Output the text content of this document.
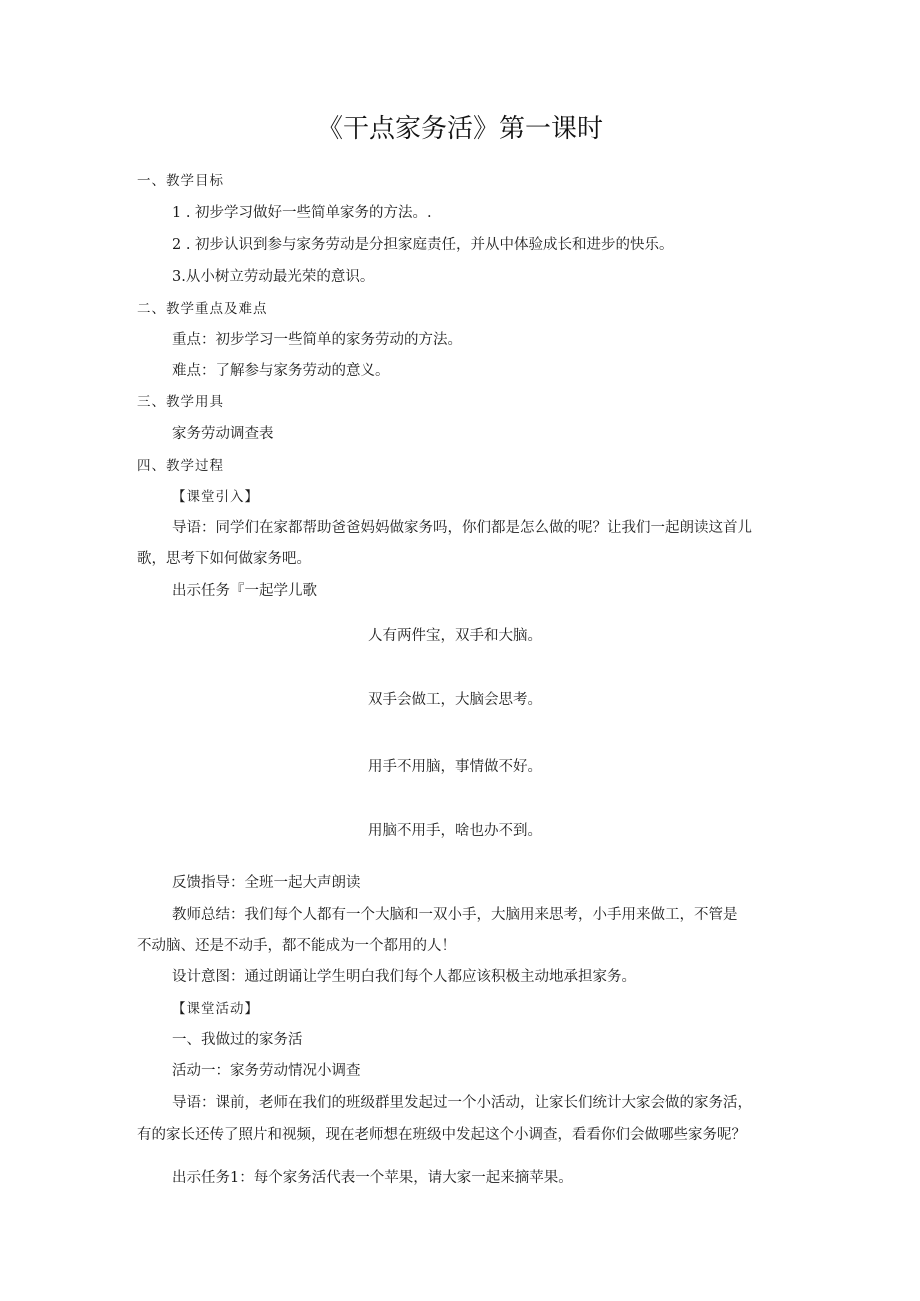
《干点家务活》第一课时
一、教学目标
1 . 初步学习做好一些简单家务的方法。.
2 . 初步认识到参与家务劳动是分担家庭责任，并从中体验成长和进步的快乐。
3.从小树立劳动最光荣的意识。
二、教学重点及难点
重点：初步学习一些简单的家务劳动的方法。
难点：了解参与家务劳动的意义。
三、教学用具
家务劳动调查表
四、教学过程
【课堂引入】
导语：同学们在家都帮助爸爸妈妈做家务吗，你们都是怎么做的呢？让我们一起朗读这首儿
歌，思考下如何做家务吧。
出示任务『一起学儿歌
人有两件宝，双手和大脑。
双手会做工，大脑会思考。
用手不用脑，事情做不好。
用脑不用手，啥也办不到。
反馈指导：全班一起大声朗读
教师总结：我们每个人都有一个大脑和一双小手，大脑用来思考，小手用来做工，不管是
不动脑、还是不动手，都不能成为一个都用的人！
设计意图：通过朗诵让学生明白我们每个人都应该积极主动地承担家务。
【课堂活动】
一、我做过的家务活
活动一：家务劳动情况小调查
导语：课前，老师在我们的班级群里发起过一个小活动，让家长们统计大家会做的家务活，
有的家长还传了照片和视频，现在老师想在班级中发起这个小调查，看看你们会做哪些家务呢？
出示任务1：每个家务活代表一个苹果，请大家一起来摘苹果。
